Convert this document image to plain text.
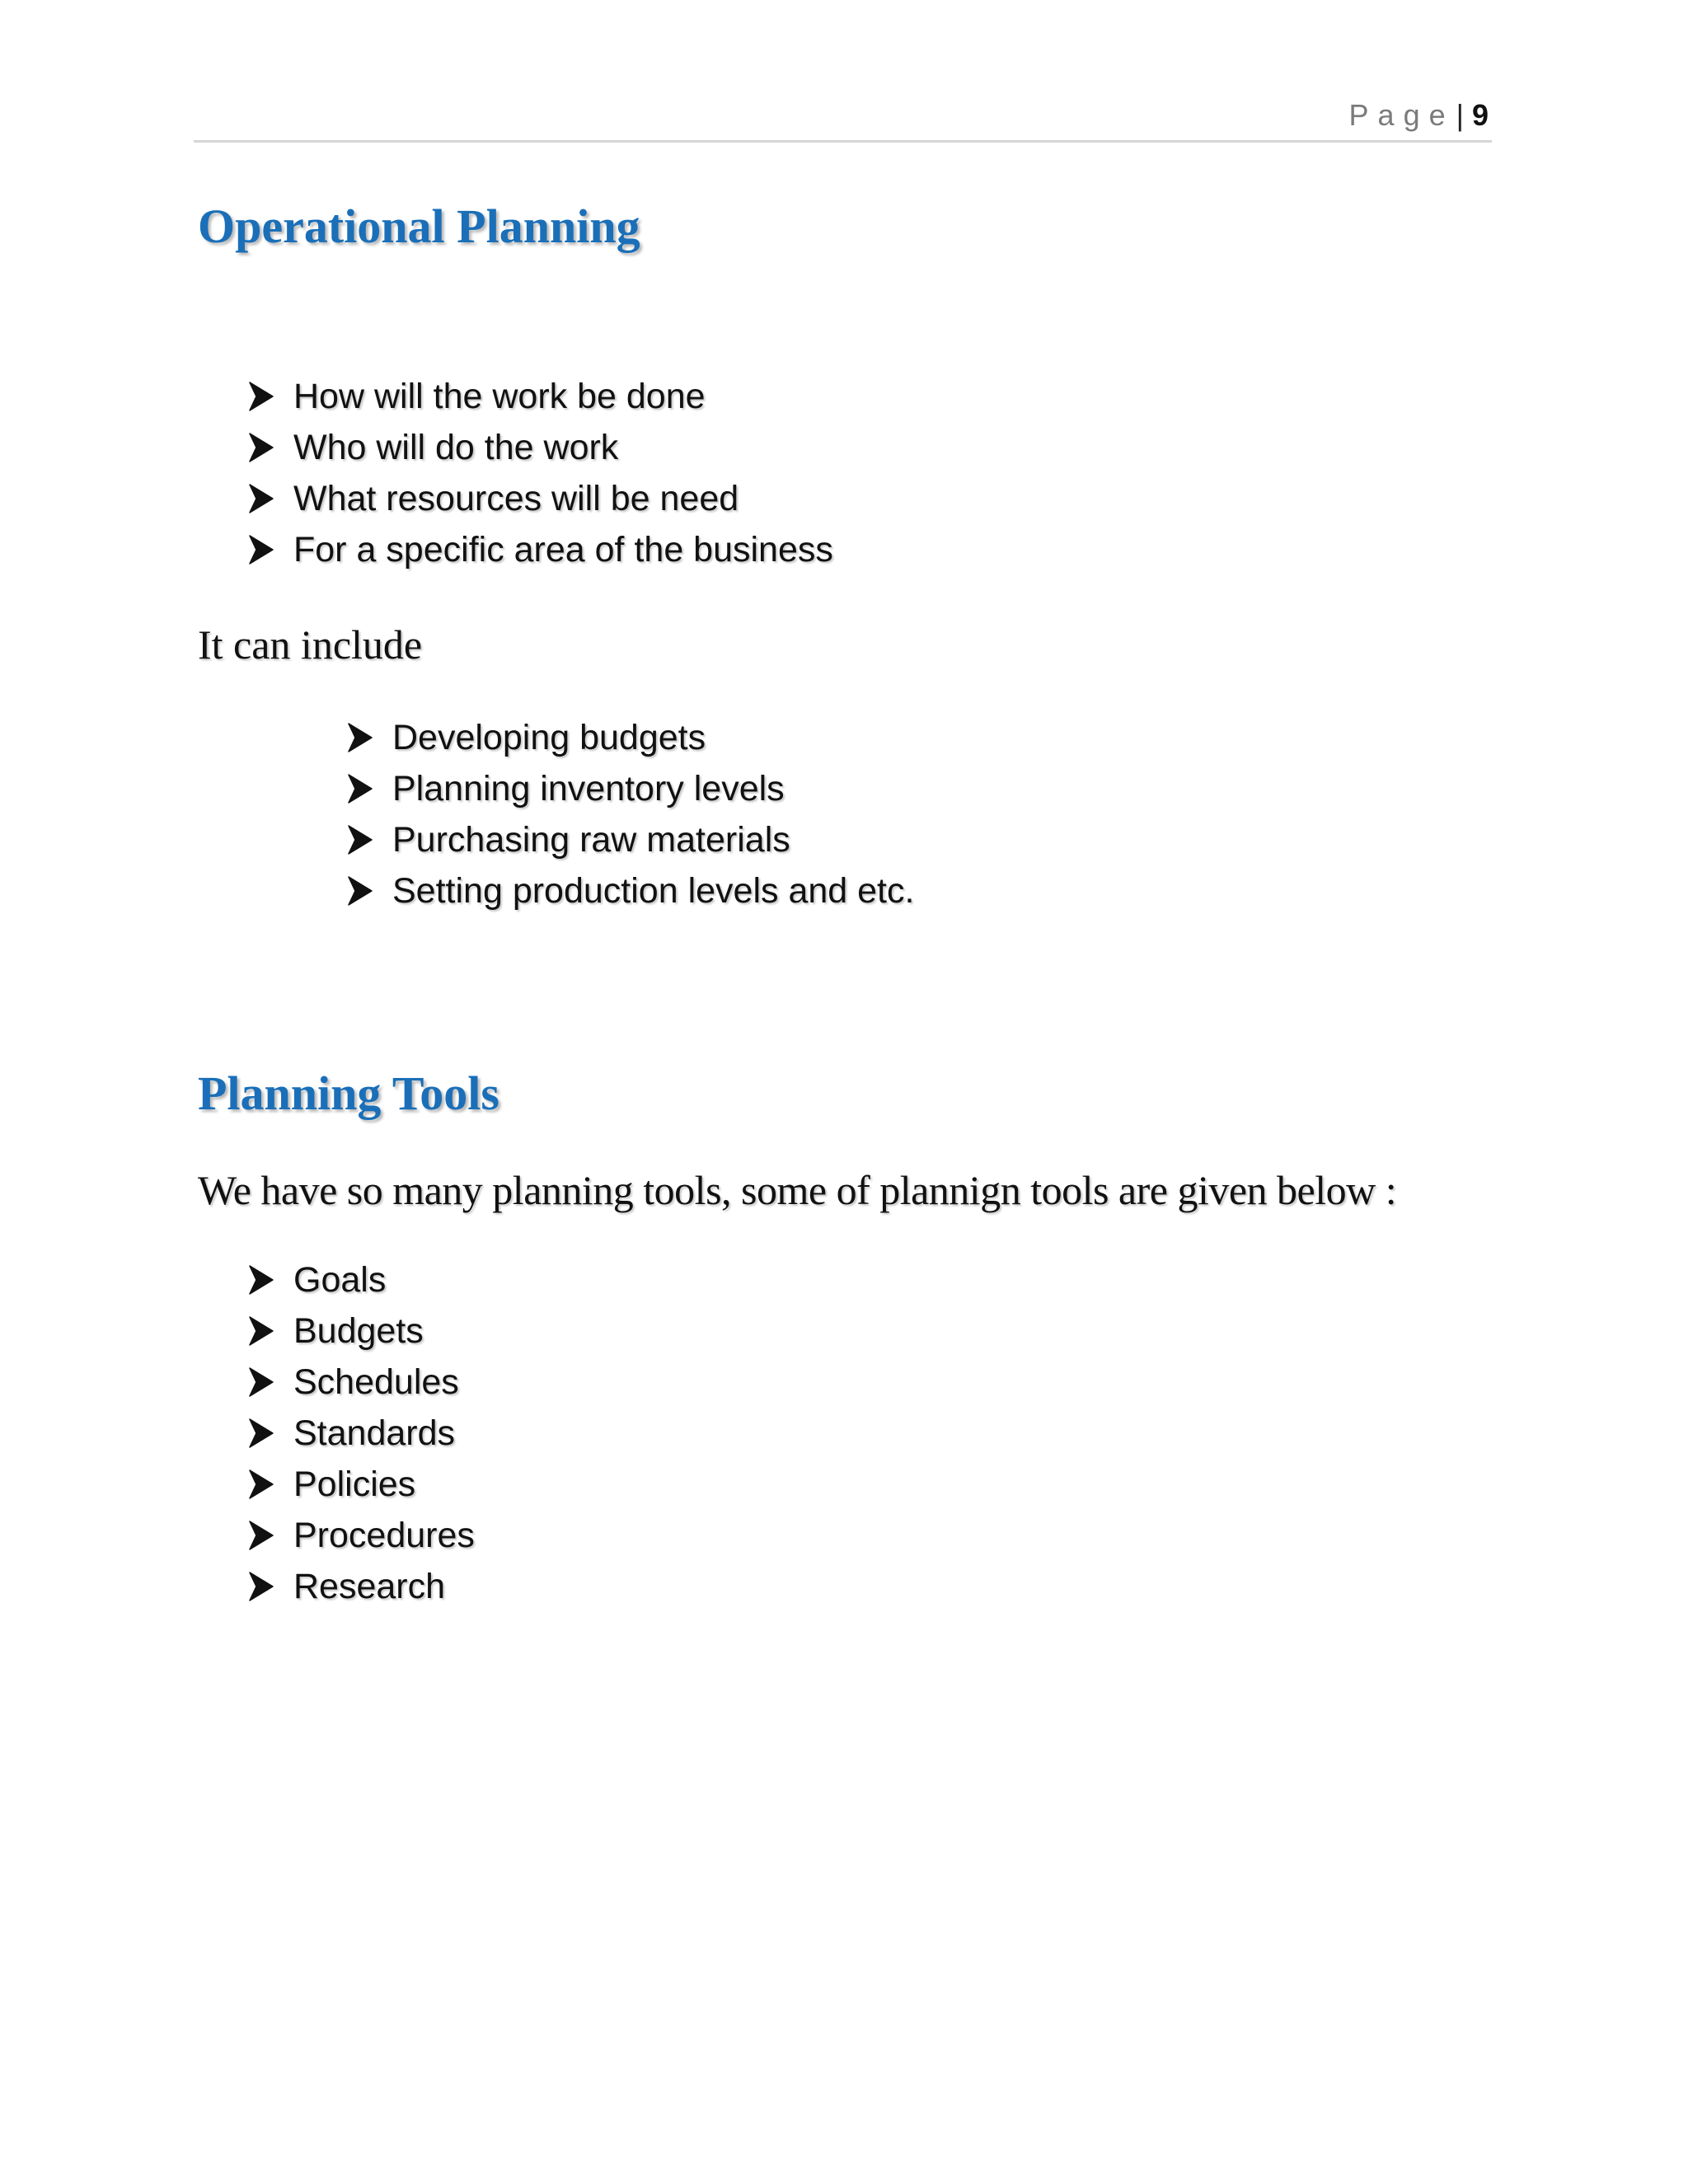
Page| 9
Operational Planning
How will the work be done
Who will do the work
What resources will be need
For a specific area of the business

It can include

Developing budgets
Planning inventory levels
Purchasing raw materials
Setting production levels and etc.
Planning Tools

We have so many planning tools, some of plannign tools are given below :

Goals
Budgets
Schedules
Standards
Policies
Procedures
Research
